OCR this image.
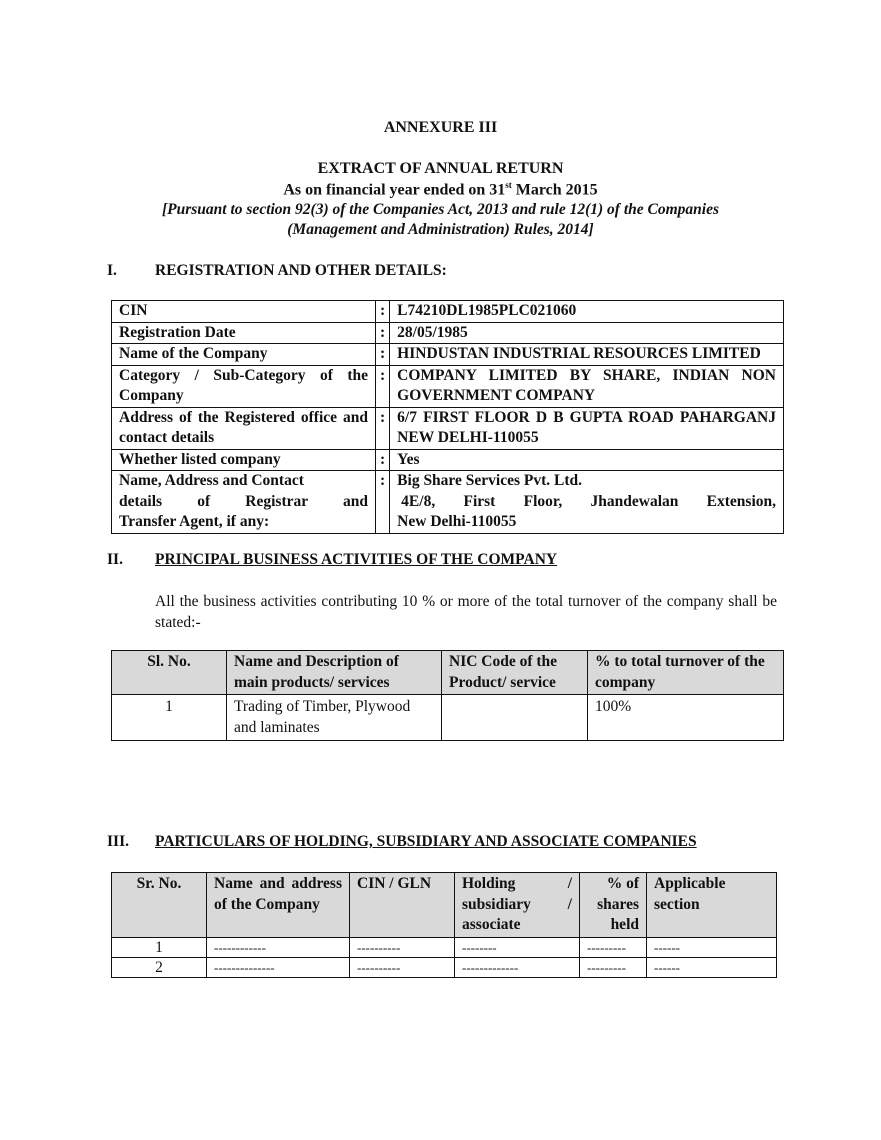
ANNEXURE III
EXTRACT OF ANNUAL RETURN
As on financial year ended on 31st March 2015
[Pursuant to section 92(3) of the Companies Act, 2013 and rule 12(1) of the Companies
(Management and Administration) Rules, 2014]
I. REGISTRATION AND OTHER DETAILS:
CIN	:	L74210DL1985PLC021060
Registration Date	:	28/05/1985
Name of the Company	:	HINDUSTAN INDUSTRIAL RESOURCES LIMITED
Category / Sub-Category of the Company	:	COMPANY LIMITED BY SHARE, INDIAN NON GOVERNMENT COMPANY
Address of the Registered office and contact details	:	6/7 FIRST FLOOR D B GUPTA ROAD PAHARGANJ NEW DELHI-110055
Whether listed company	:	Yes

Name, Address and Contact
details of Registrar and
Transfer Agent, if any:	:	Big Share Services Pvt. Ltd.
4E/8, First Floor, Jhandewalan Extension,
New Delhi-110055
II. PRINCIPAL BUSINESS ACTIVITIES OF THE COMPANY
All the business activities contributing 10 % or more of the total turnover of the company shall be stated:-
Sl. No.	Name and Description of main products/ services	NIC Code of the Product/ service	% to total turnover of the company
1	Trading of Timber, Plywood and laminates		100%
III. PARTICULARS OF HOLDING, SUBSIDIARY AND ASSOCIATE COMPANIES
Sr. No.	Name and address of the Company	CIN / GLN	Holding / subsidiary / associate	% of shares held	Applicable section
1	------------	----------	--------	---------	------
2	--------------	----------	-------------	---------	------
